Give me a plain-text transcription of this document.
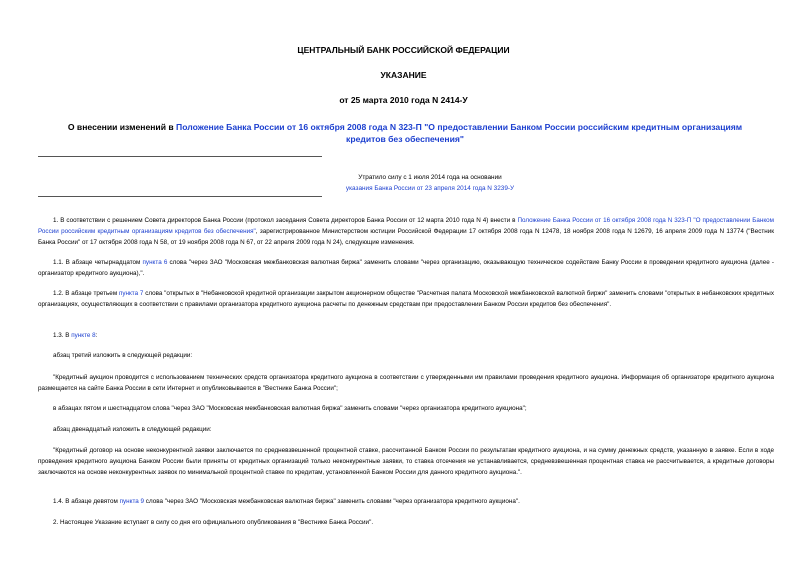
ЦЕНТРАЛЬНЫЙ БАНК РОССИЙСКОЙ ФЕДЕРАЦИИ
УКАЗАНИЕ
от 25 марта 2010 года N 2414-У
О внесении изменений в Положение Банка России от 16 октября 2008 года N 323-П "О предоставлении Банком России российским кредитным организациям кредитов без обеспечения"
Утратило силу с 1 июля 2014 года на основании
указания Банка России от 23 апреля 2014 года N 3239-У
1. В соответствии с решением Совета директоров Банка России (протокол заседания Совета директоров Банка России от 12 марта 2010 года N 4) внести в Положение Банка России от 16 октября 2008 года N 323-П "О предоставлении Банком России российским кредитным организациям кредитов без обеспечения", зарегистрированное Министерством юстиции Российской Федерации 17 октября 2008 года N 12478, 18 ноября 2008 года N 12679, 16 апреля 2009 года N 13774 ("Вестник Банка России" от 17 октября 2008 года N 58, от 19 ноября 2008 года N 67, от 22 апреля 2009 года N 24), следующие изменения.
1.1. В абзаце четырнадцатом пункта 6 слова "через ЗАО "Московская межбанковская валютная биржа" заменить словами "через организацию, оказывающую техническое содействие Банку России в проведении кредитного аукциона (далее - организатор кредитного аукциона),".
1.2. В абзаце третьем пункта 7 слова "открытых в "Небанковской кредитной организации закрытом акционерном обществе "Расчетная палата Московской межбанковской валютной биржи" заменить словами "открытых в небанковских кредитных организациях, осуществляющих в соответствии с правилами организатора кредитного аукциона расчеты по денежным средствам при предоставлении Банком России кредитов без обеспечения".
1.3. В пункте 8:
абзац третий изложить в следующей редакции:
"Кредитный аукцион проводится с использованием технических средств организатора кредитного аукциона в соответствии с утвержденными им правилами проведения кредитного аукциона. Информация об организаторе кредитного аукциона размещается на сайте Банка России в сети Интернет и опубликовывается в "Вестнике Банка России";
в абзацах пятом и шестнадцатом слова "через ЗАО "Московская межбанковская валютная биржа" заменить словами "через организатора кредитного аукциона";
абзац двенадцатый изложить в следующей редакции:
"Кредитный договор на основе неконкурентной заявки заключается по средневзвешенной процентной ставке, рассчитанной Банком России по результатам кредитного аукциона, и на сумму денежных средств, указанную в заявке. Если в ходе проведения кредитного аукциона Банком России были приняты от кредитных организаций только неконкурентные заявки, то ставка отсечения не устанавливается, средневзвешенная процентная ставка не рассчитывается, а кредитные договоры заключаются на основе неконкурентных заявок по минимальной процентной ставке по кредитам, установленной Банком России для данного кредитного аукциона.".
1.4. В абзаце девятом пункта 9 слова "через ЗАО "Московская межбанковская валютная биржа" заменить словами "через организатора кредитного аукциона".
2. Настоящее Указание вступает в силу со дня его официального опубликования в "Вестнике Банка России".
